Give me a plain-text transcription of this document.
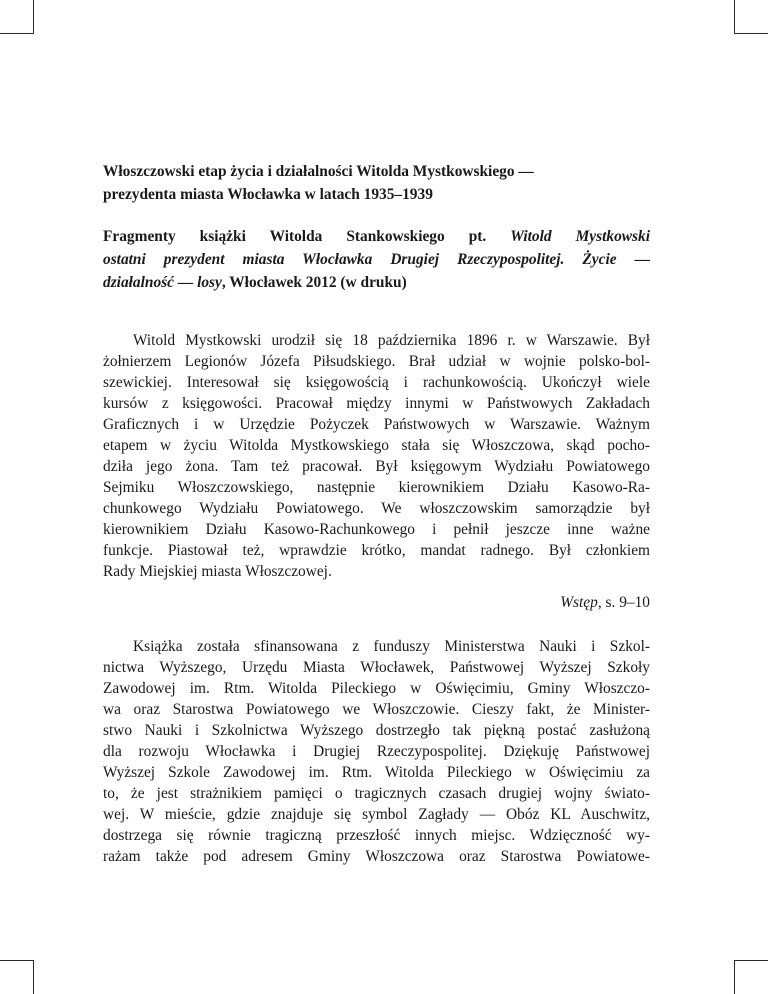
Włoszczowski etap życia i działalności Witolda Mystkowskiego —
prezydenta miasta Włocławka w latach 1935–1939
Fragmenty książki Witolda Stankowskiego pt. Witold Mystkowski
ostatni prezydent miasta Włocławka Drugiej Rzeczypospolitej. Życie —
działalność — losy, Włocławek 2012 (w druku)
Witold Mystkowski urodził się 18 października 1896 r. w Warszawie. Był
żołnierzem Legionów Józefa Piłsudskiego. Brał udział w wojnie polsko-bol-
szewickiej. Interesował się księgowością i rachunkowością. Ukończył wiele
kursów z księgowości. Pracował między innymi w Państwowych Zakładach
Graficznych i w Urzędzie Pożyczek Państwowych w Warszawie. Ważnym
etapem w życiu Witolda Mystkowskiego stała się Włoszczowa, skąd pocho-
dziła jego żona. Tam też pracował. Był księgowym Wydziału Powiatowego
Sejmiku Włoszczowskiego, następnie kierownikiem Działu Kasowo-Ra-
chunkowego Wydziału Powiatowego. We włoszczowskim samorządzie był
kierownikiem Działu Kasowo-Rachunkowego i pełnił jeszcze inne ważne
funkcje. Piastował też, wprawdzie krótko, mandat radnego. Był członkiem
Rady Miejskiej miasta Włoszczowej.
Wstęp, s. 9–10
Książka została sfinansowana z funduszy Ministerstwa Nauki i Szkol-
nictwa Wyższego, Urzędu Miasta Włocławek, Państwowej Wyższej Szkoły
Zawodowej im. Rtm. Witolda Pileckiego w Oświęcimiu, Gminy Włoszczo-
wa oraz Starostwa Powiatowego we Włoszczowie. Cieszy fakt, że Minister-
stwo Nauki i Szkolnictwa Wyższego dostrzegło tak piękną postać zasłużoną
dla rozwoju Włocławka i Drugiej Rzeczypospolitej. Dziękuję Państwowej
Wyższej Szkole Zawodowej im. Rtm. Witolda Pileckiego w Oświęcimiu za
to, że jest strażnikiem pamięci o tragicznych czasach drugiej wojny świato-
wej. W mieście, gdzie znajduje się symbol Zagłady — Obóz KL Auschwitz,
dostrzega się równie tragiczną przeszłość innych miejsc. Wdzięczność wy-
rażam także pod adresem Gminy Włoszczowa oraz Starostwa Powiatowe-
